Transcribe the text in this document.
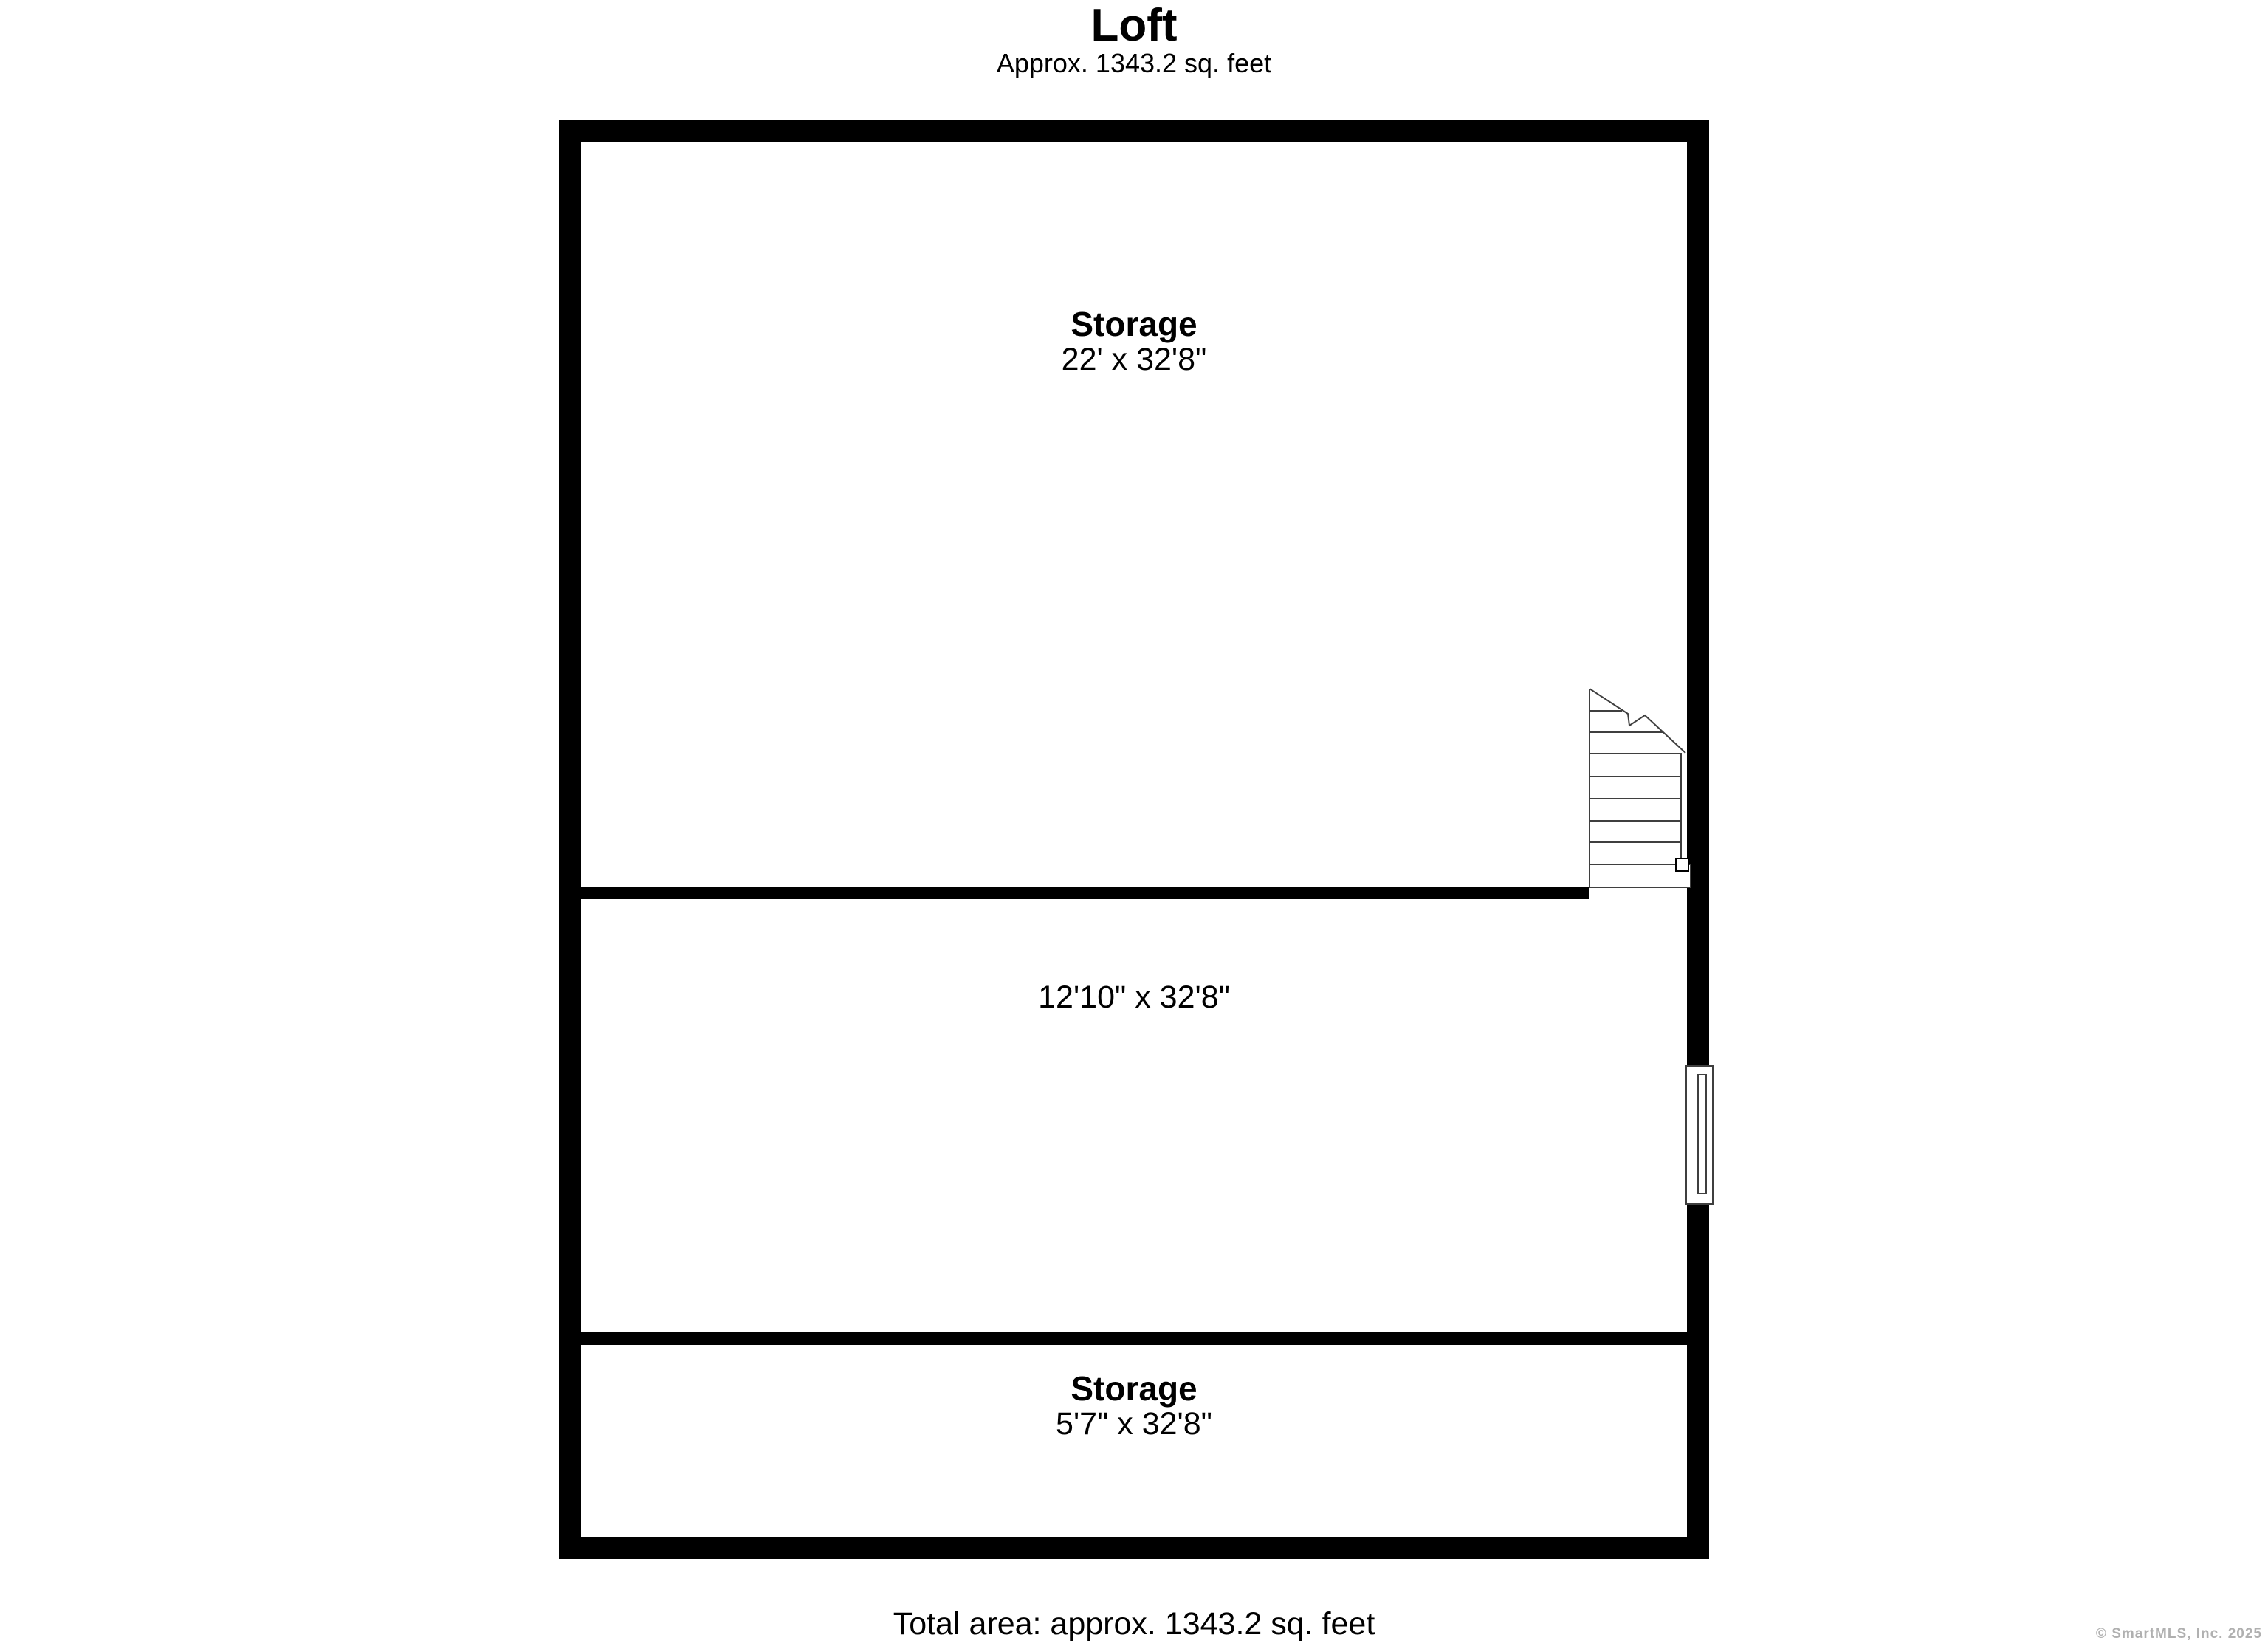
Loft
Approx. 1343.2 sq. feet
Storage
22' x 32'8"
12'10" x 32'8"
Storage
5'7" x 32'8"
Total area: approx. 1343.2 sq. feet	© SmartMLS, Inc. 2025
